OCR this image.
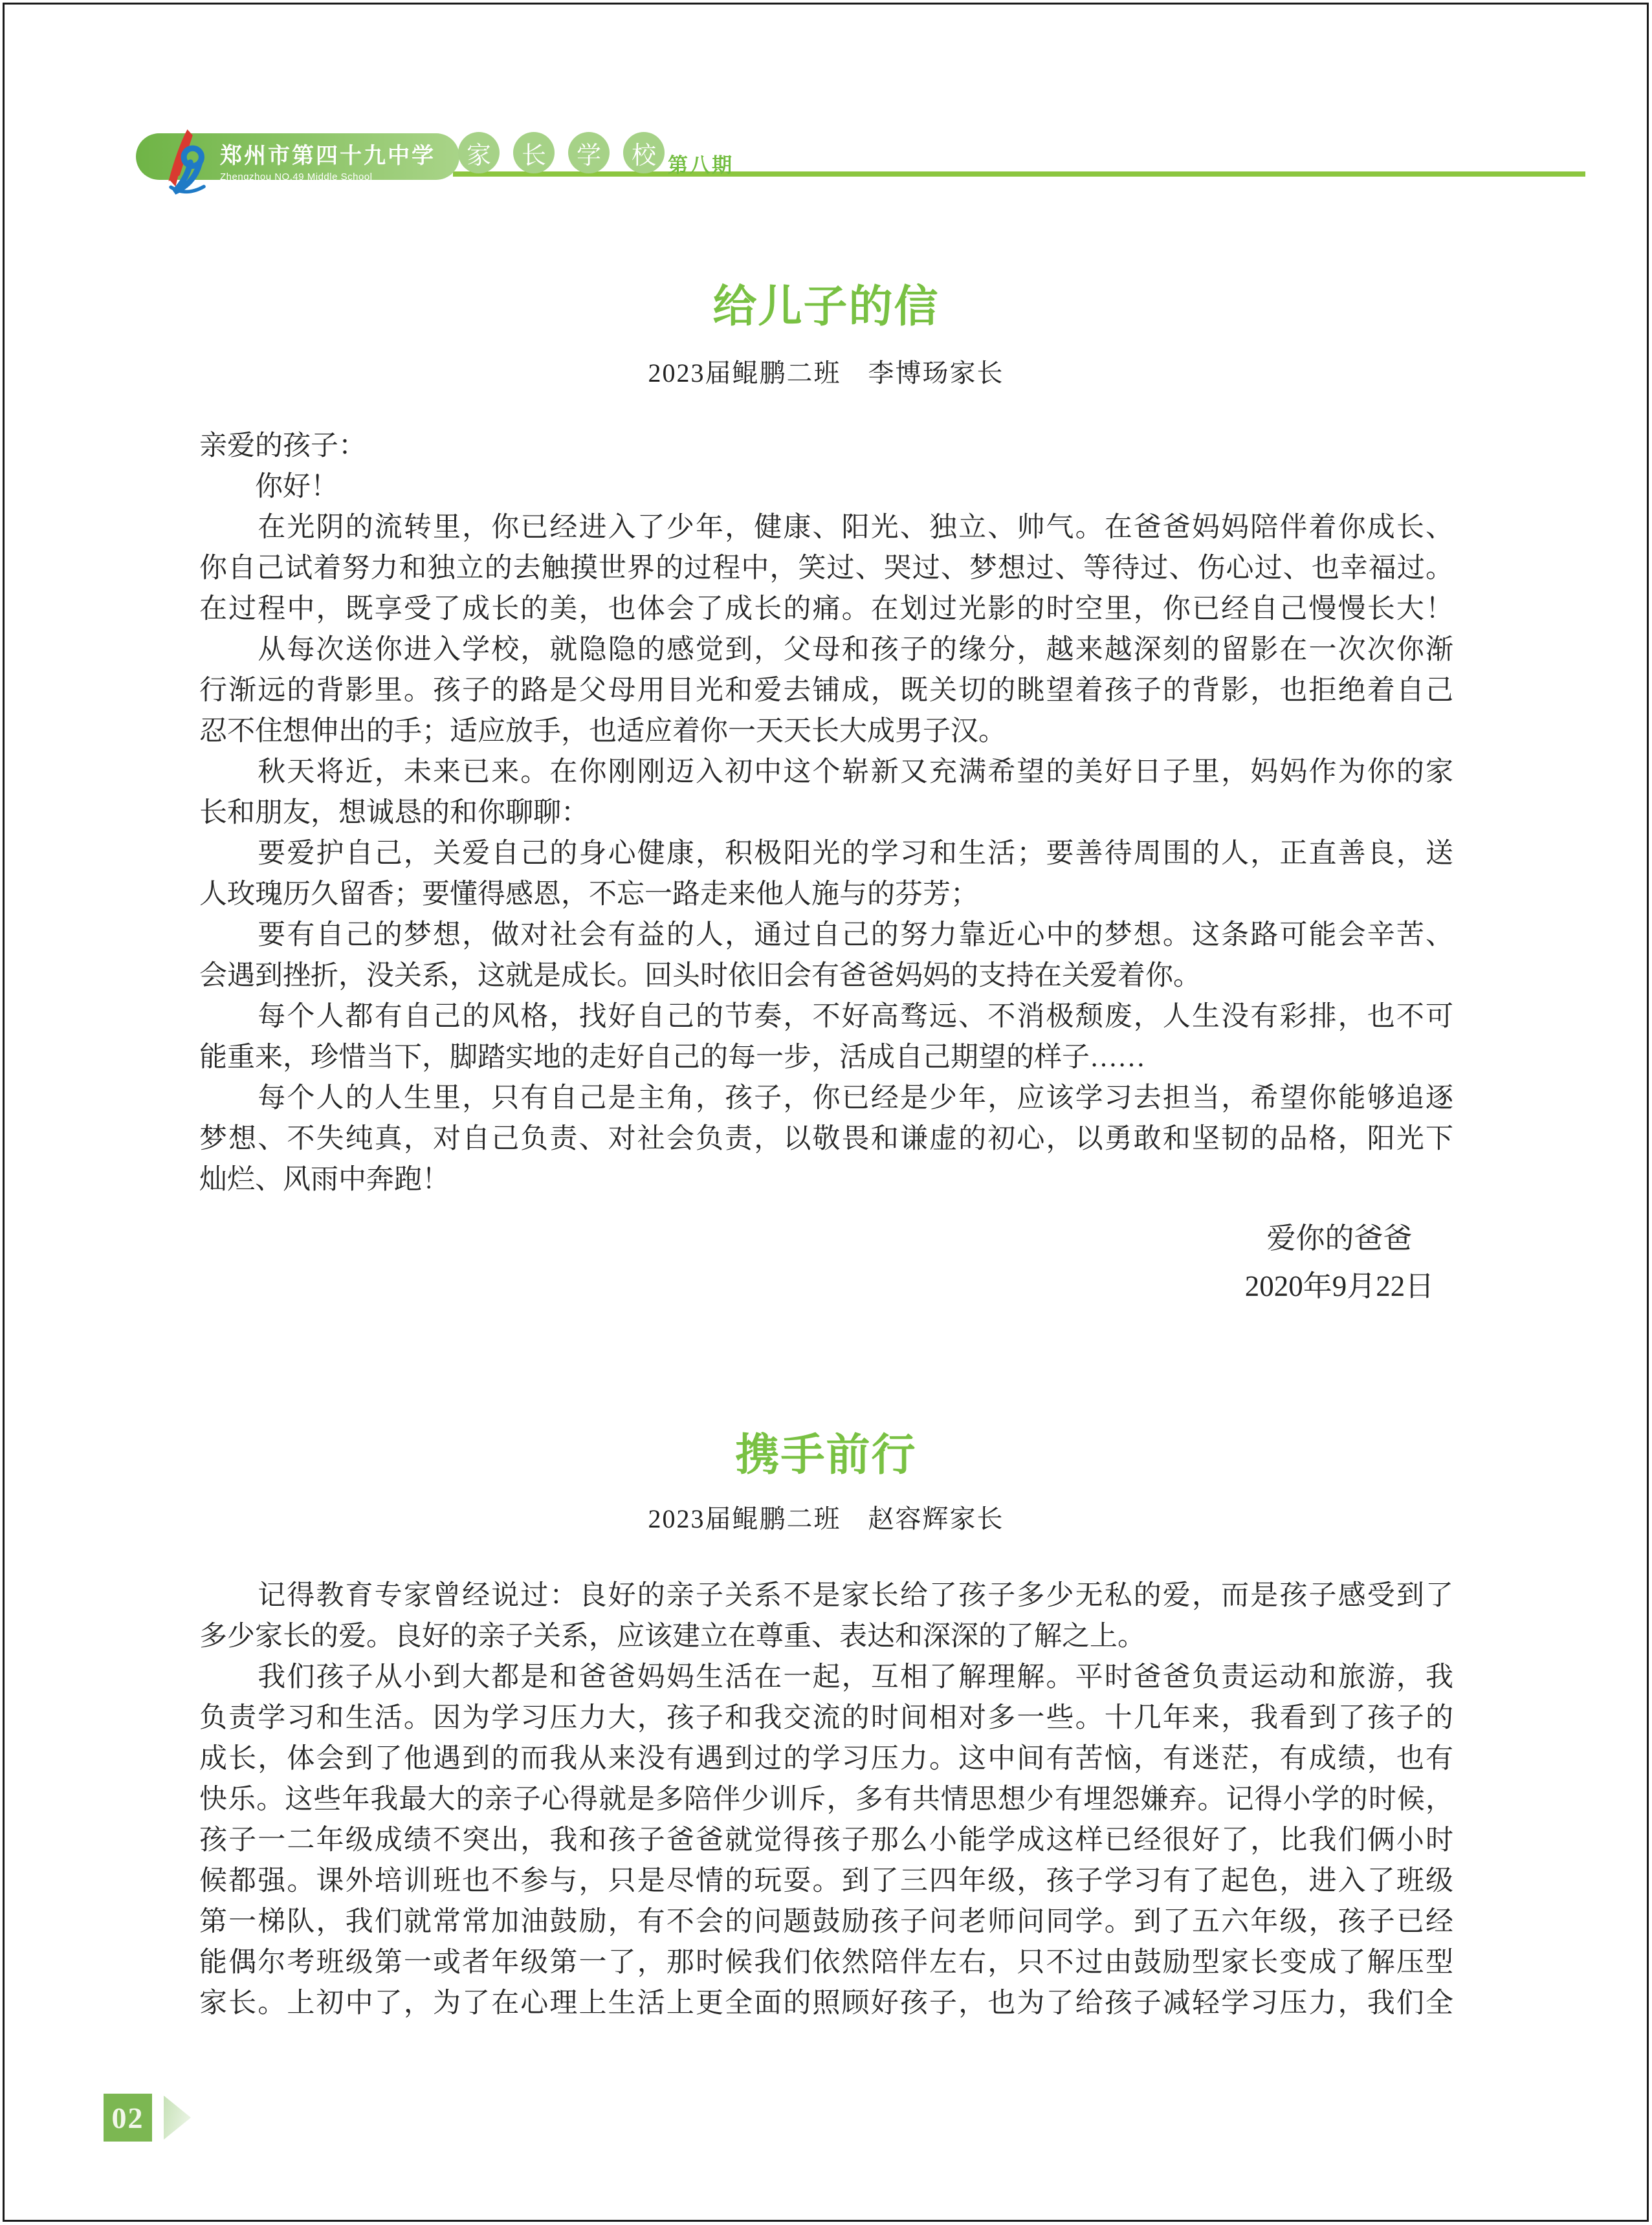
郑州市第四十九中学
Zhengzhou NO.49 Middle School
家	长	学	校 第八期
给儿子的信
2023届鲲鹏二班　李博玚家长
亲爱的孩子：
　　你好！
　　在光阴的流转里，你已经进入了少年，健康、阳光、独立、帅气。在爸爸妈妈陪伴着你成长、
你自己试着努力和独立的去触摸世界的过程中，笑过、哭过、梦想过、等待过、伤心过、也幸福过。
在过程中，既享受了成长的美，也体会了成长的痛。在划过光影的时空里，你已经自己慢慢长大！
　　从每次送你进入学校，就隐隐的感觉到，父母和孩子的缘分，越来越深刻的留影在一次次你渐
行渐远的背影里。孩子的路是父母用目光和爱去铺成，既关切的眺望着孩子的背影，也拒绝着自己
忍不住想伸出的手；适应放手，也适应着你一天天长大成男子汉。
　　秋天将近，未来已来。在你刚刚迈入初中这个崭新又充满希望的美好日子里，妈妈作为你的家
长和朋友，想诚恳的和你聊聊：
　　要爱护自己，关爱自己的身心健康，积极阳光的学习和生活；要善待周围的人，正直善良，送
人玫瑰历久留香；要懂得感恩，不忘一路走来他人施与的芬芳；
　　要有自己的梦想，做对社会有益的人，通过自己的努力靠近心中的梦想。这条路可能会辛苦、
会遇到挫折，没关系，这就是成长。回头时依旧会有爸爸妈妈的支持在关爱着你。
　　每个人都有自己的风格，找好自己的节奏，不好高骛远、不消极颓废，人生没有彩排，也不可
能重来，珍惜当下，脚踏实地的走好自己的每一步，活成自己期望的样子……
　　每个人的人生里，只有自己是主角，孩子，你已经是少年，应该学习去担当，希望你能够追逐
梦想、不失纯真，对自己负责、对社会负责，以敬畏和谦虚的初心，以勇敢和坚韧的品格，阳光下
灿烂、风雨中奔跑！
爱你的爸爸
2020年9月22日
携手前行
2023届鲲鹏二班　赵容辉家长
　　记得教育专家曾经说过：良好的亲子关系不是家长给了孩子多少无私的爱，而是孩子感受到了
多少家长的爱。良好的亲子关系，应该建立在尊重、表达和深深的了解之上。
　　我们孩子从小到大都是和爸爸妈妈生活在一起，互相了解理解。平时爸爸负责运动和旅游，我
负责学习和生活。因为学习压力大，孩子和我交流的时间相对多一些。十几年来，我看到了孩子的
成长，体会到了他遇到的而我从来没有遇到过的学习压力。这中间有苦恼，有迷茫，有成绩，也有
快乐。这些年我最大的亲子心得就是多陪伴少训斥，多有共情思想少有埋怨嫌弃。记得小学的时候，
孩子一二年级成绩不突出，我和孩子爸爸就觉得孩子那么小能学成这样已经很好了，比我们俩小时
候都强。课外培训班也不参与，只是尽情的玩耍。到了三四年级，孩子学习有了起色，进入了班级
第一梯队，我们就常常加油鼓励，有不会的问题鼓励孩子问老师问同学。到了五六年级，孩子已经
能偶尔考班级第一或者年级第一了，那时候我们依然陪伴左右，只不过由鼓励型家长变成了解压型
家长。上初中了，为了在心理上生活上更全面的照顾好孩子，也为了给孩子减轻学习压力，我们全
02
